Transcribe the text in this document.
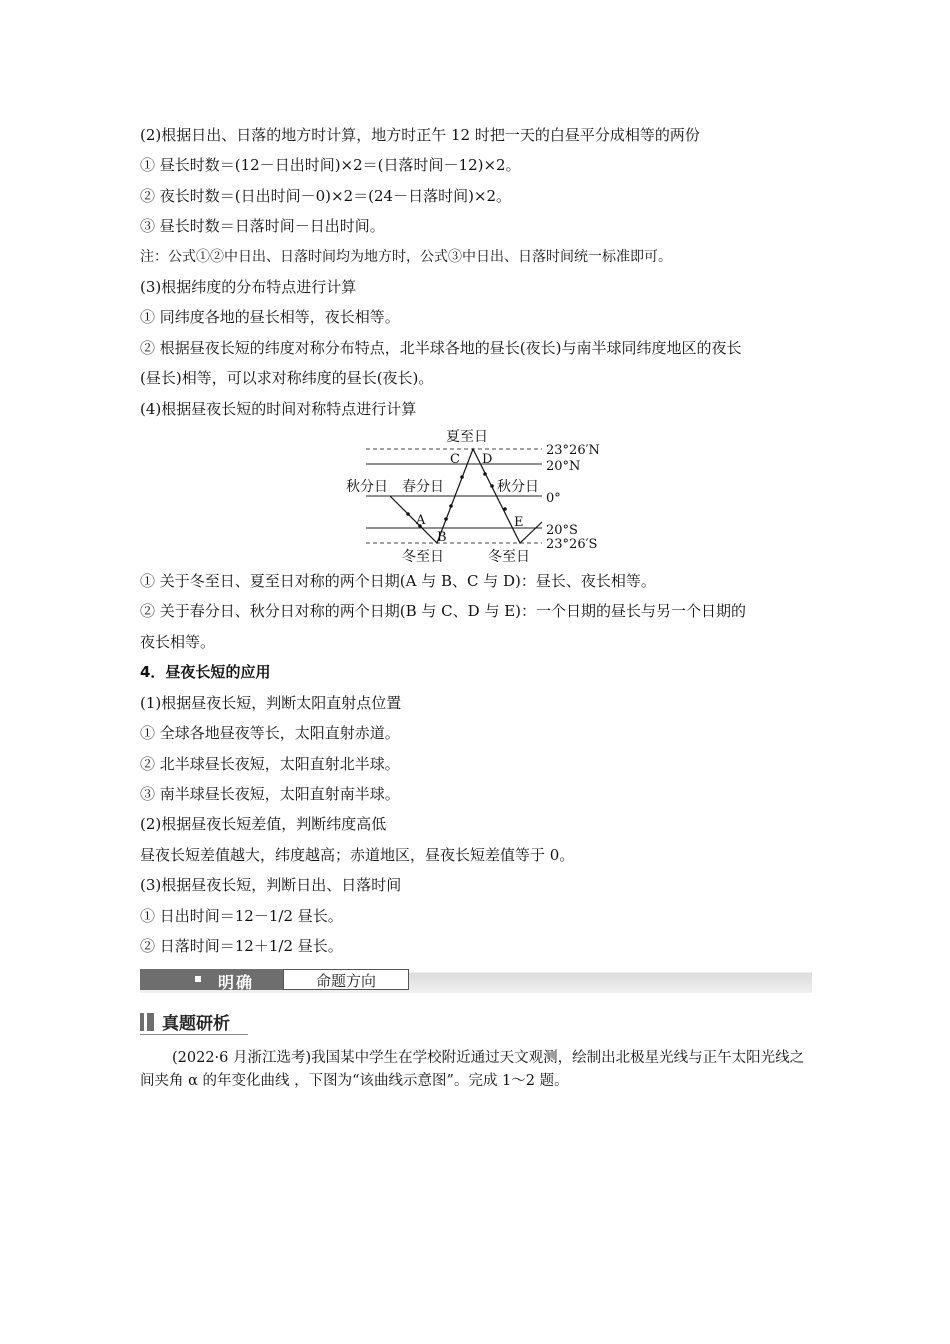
(2)根据日出、日落的地方时计算，地方时正午 12 时把一天的白昼平分成相等的两份
① 昼长时数＝(12－日出时间)×2＝(日落时间－12)×2。
② 夜长时数＝(日出时间－0)×2＝(24－日落时间)×2。
③ 昼长时数＝日落时间－日出时间。
注：公式①②中日出、日落时间均为地方时，公式③中日出、日落时间统一标准即可。
(3)根据纬度的分布特点进行计算
① 同纬度各地的昼长相等，夜长相等。
② 根据昼夜长短的纬度对称分布特点，北半球各地的昼长(夜长)与南半球同纬度地区的夜长
(昼长)相等，可以求对称纬度的昼长(夜长)。
(4)根据昼夜长短的时间对称特点进行计算
夏至日
秋分日 春分日	秋分日
冬至日	冬至日
23°26′N
20°N
0°
20°S
23°26′S
A
B
C D
E
① 关于冬至日、夏至日对称的两个日期(A 与 B、C 与 D)：昼长、夜长相等。
② 关于春分日、秋分日对称的两个日期(B 与 C、D 与 E)：一个日期的昼长与另一个日期的
夜长相等。
4．昼夜长短的应用
(1)根据昼夜长短，判断太阳直射点位置
① 全球各地昼夜等长，太阳直射赤道。
② 北半球昼长夜短，太阳直射北半球。
③ 南半球昼长夜短，太阳直射南半球。
(2)根据昼夜长短差值，判断纬度高低
昼夜长短差值越大，纬度越高；赤道地区，昼夜长短差值等于 0。
(3)根据昼夜长短，判断日出、日落时间
① 日出时间＝12－1/2 昼长。
② 日落时间＝12＋1/2 昼长。
明确	命题方向
真题研析
(2022·6 月浙江选考)我国某中学生在学校附近通过天文观测，绘制出北极星光线与正午太阳光线之间夹角 α 的年变化曲线 ，下图为“该曲线示意图”。完成 1～2 题。
